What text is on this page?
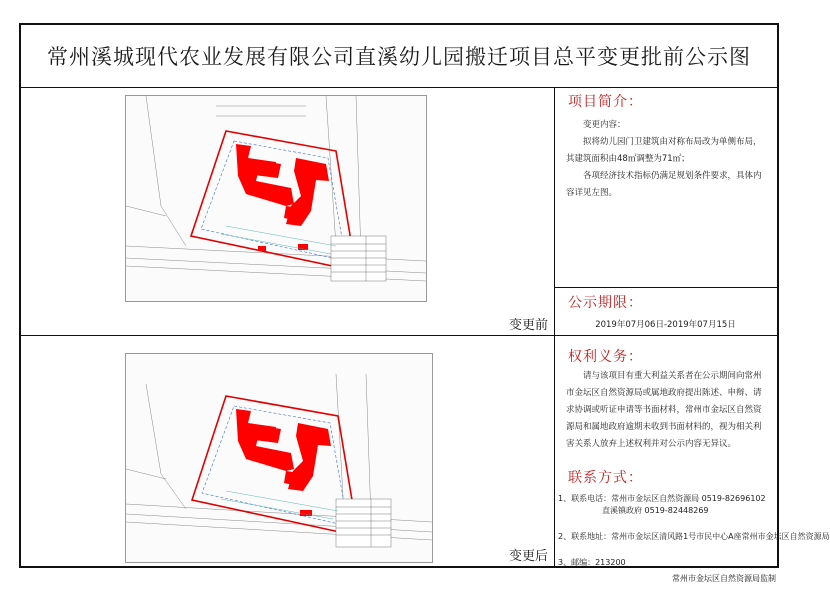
常州溪城现代农业发展有限公司直溪幼儿园搬迁项目总平变更批前公示图
变更前
变更后
项目简介：

变更内容：

拟将幼儿园门卫建筑由对称布局改为单侧布局，其建筑面积由48㎡调整为71㎡；

各项经济技术指标仍满足规划条件要求，具体内容详见左图。

公示期限：
2019年07月06日-2019年07月15日
权利义务：

请与该项目有重大利益关系者在公示期间向常州市金坛区自然资源局或属地政府提出陈述、申辩、请求协调或听证申请等书面材料，常州市金坛区自然资源局和属地政府逾期未收到书面材料的，视为相关利害关系人放弃上述权利并对公示内容无异议。

联系方式：
1、联系电话：常州市金坛区自然资源局 0519-82696102
直溪镇政府 0519-82448269
2、联系地址：常州市金坛区清风路1号市民中心A座常州市金坛区自然资源局
3、邮编：213200
常州市金坛区自然资源局监制
